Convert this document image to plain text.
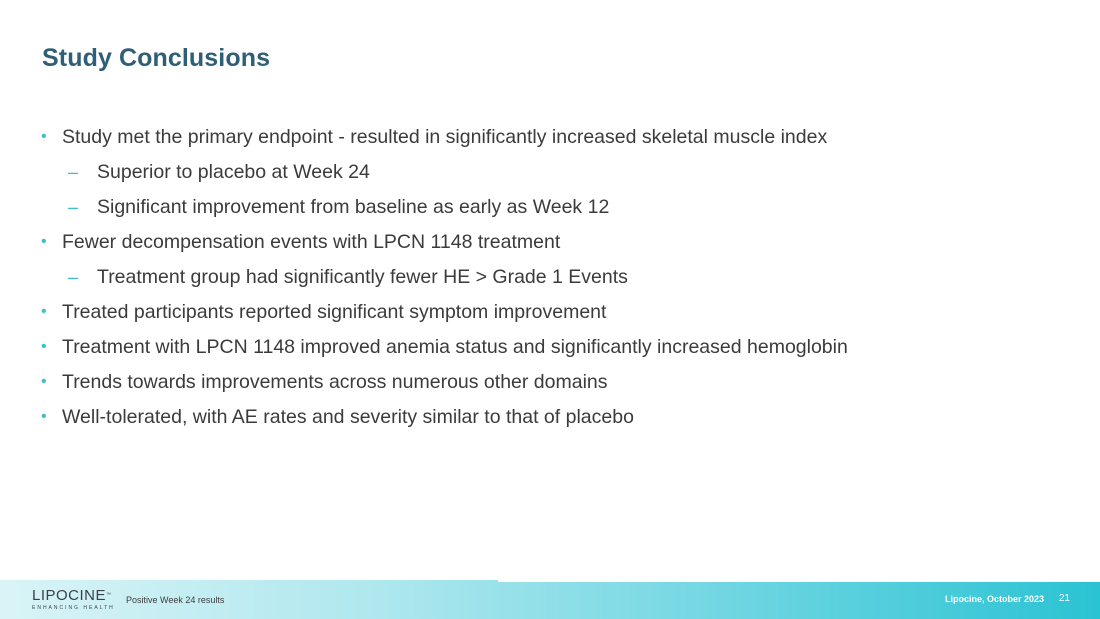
Study Conclusions
• Study met the primary endpoint - resulted in significantly increased skeletal muscle index
– Superior to placebo at Week 24
– Significant improvement from baseline as early as Week 12
• Fewer decompensation events with LPCN 1148 treatment
– Treatment group had significantly fewer HE > Grade 1 Events
• Treated participants reported significant symptom improvement
• Treatment with LPCN 1148 improved anemia status and significantly increased hemoglobin
• Trends towards improvements across numerous other domains
• Well-tolerated, with AE rates and severity similar to that of placebo
LIPOCINE™
ENHANCING HEALTH
Positive Week 24 results	Lipocine, October 2023 21
